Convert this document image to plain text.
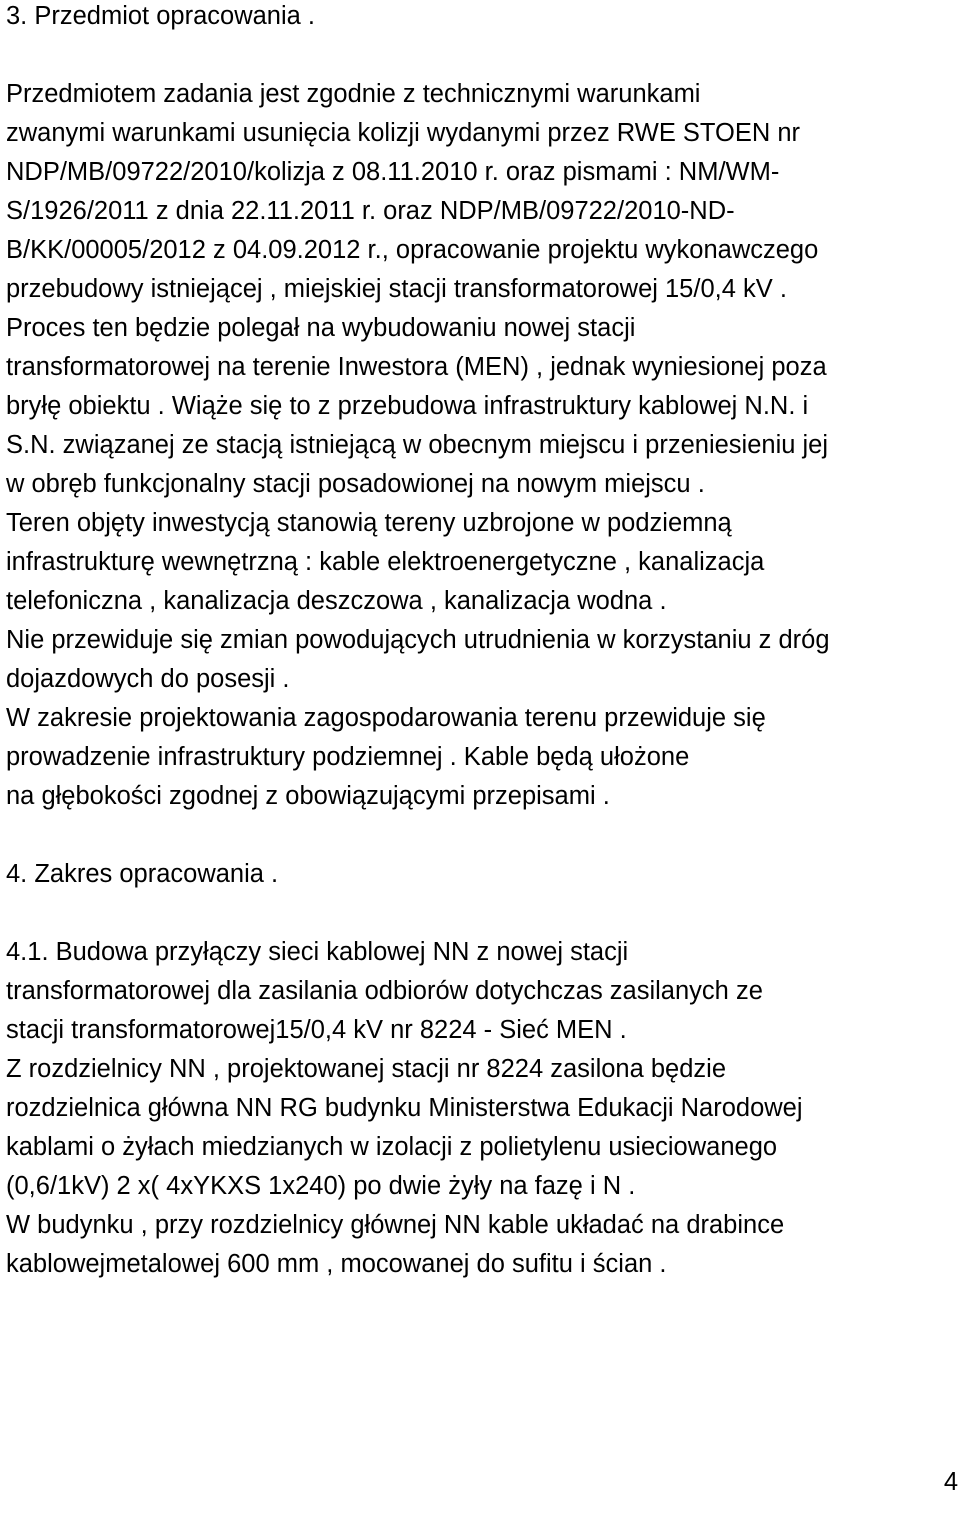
3. Przedmiot opracowania .
Przedmiotem zadania jest zgodnie z technicznymi warunkami
zwanymi warunkami usunięcia kolizji wydanymi przez RWE STOEN nr
NDP/MB/09722/2010/kolizja z 08.11.2010 r. oraz pismami : NM/WM-
S/1926/2011 z dnia 22.11.2011 r. oraz NDP/MB/09722/2010-ND-
B/KK/00005/2012 z 04.09.2012 r., opracowanie projektu wykonawczego
przebudowy istniejącej , miejskiej stacji transformatorowej 15/0,4 kV .
Proces ten będzie polegał na wybudowaniu nowej stacji
transformatorowej na terenie Inwestora (MEN) , jednak wyniesionej poza
bryłę obiektu . Wiąże się to z przebudowa infrastruktury kablowej N.N. i
S.N. związanej ze stacją istniejącą w obecnym miejscu i przeniesieniu jej
w obręb funkcjonalny stacji posadowionej na nowym miejscu .
Teren objęty inwestycją stanowią tereny uzbrojone w podziemną
infrastrukturę wewnętrzną : kable elektroenergetyczne , kanalizacja
telefoniczna , kanalizacja deszczowa , kanalizacja wodna .
Nie przewiduje się zmian powodujących utrudnienia w korzystaniu z dróg
dojazdowych do posesji .
W zakresie projektowania zagospodarowania terenu przewiduje się
prowadzenie infrastruktury podziemnej . Kable będą ułożone
na głębokości zgodnej z obowiązującymi przepisami .
4. Zakres opracowania .
4.1. Budowa przyłączy sieci kablowej NN z nowej stacji
transformatorowej dla zasilania odbiorów dotychczas zasilanych ze
stacji transformatorowej15/0,4 kV nr 8224 - Sieć MEN .
Z rozdzielnicy NN , projektowanej stacji nr 8224 zasilona będzie
rozdzielnica główna NN RG budynku Ministerstwa Edukacji Narodowej
kablami o żyłach miedzianych w izolacji z polietylenu usieciowanego
(0,6/1kV) 2 x( 4xYKXS 1x240) po dwie żyły na fazę i N .
W budynku , przy rozdzielnicy głównej NN kable układać na drabince
kablowejmetalowej 600 mm , mocowanej do sufitu i ścian .
4
